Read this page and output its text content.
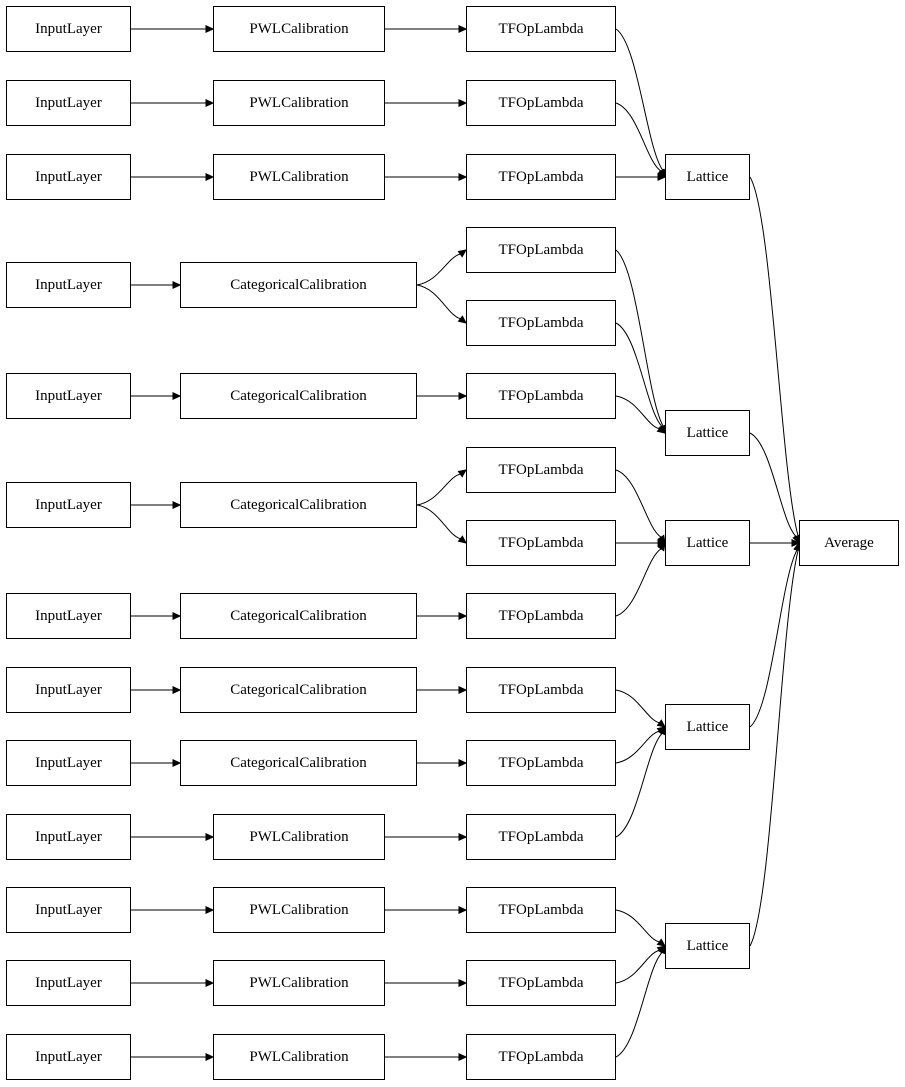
InputLayer
InputLayer
InputLayer
InputLayer
InputLayer
InputLayer
InputLayer
InputLayer
InputLayer
InputLayer
InputLayer
InputLayer
InputLayer
PWLCalibration
PWLCalibration
PWLCalibration
CategoricalCalibration
CategoricalCalibration
CategoricalCalibration
CategoricalCalibration
CategoricalCalibration
CategoricalCalibration
PWLCalibration
PWLCalibration
PWLCalibration
PWLCalibration
TFOpLambda
TFOpLambda
TFOpLambda
TFOpLambda
TFOpLambda
TFOpLambda
TFOpLambda
TFOpLambda
TFOpLambda
TFOpLambda
TFOpLambda
TFOpLambda
TFOpLambda
TFOpLambda
TFOpLambda
Lattice
Lattice
Lattice
Lattice
Lattice
Average
